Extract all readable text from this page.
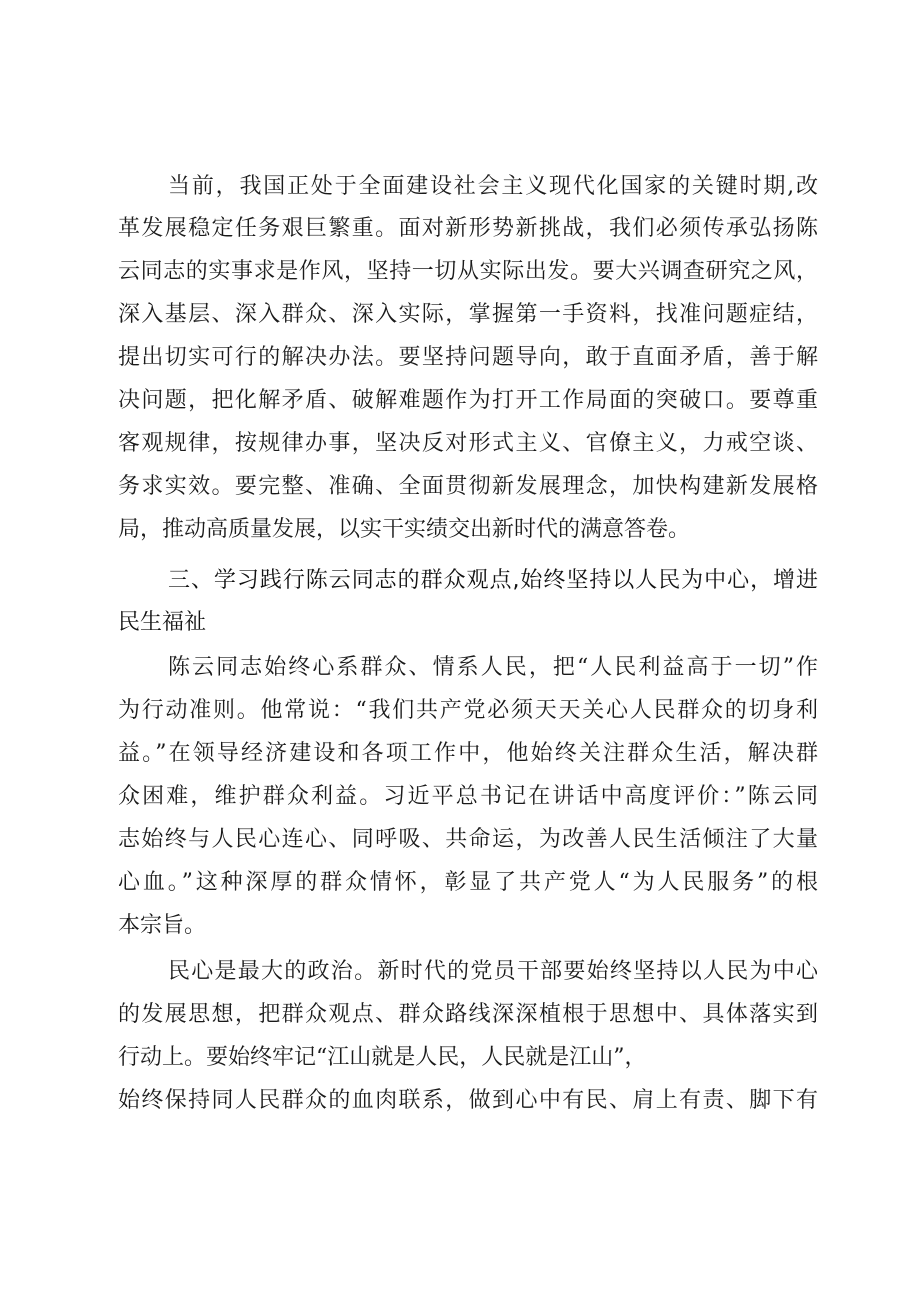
当前，我国正处于全面建设社会主义现代化国家的关键时期,改
革发展稳定任务艰巨繁重。面对新形势新挑战，我们必须传承弘扬陈
云同志的实事求是作风，坚持一切从实际出发。要大兴调查研究之风，
深入基层、深入群众、深入实际，掌握第一手资料，找准问题症结，
提出切实可行的解决办法。要坚持问题导向，敢于直面矛盾，善于解
决问题，把化解矛盾、破解难题作为打开工作局面的突破口。要尊重
客观规律，按规律办事，坚决反对形式主义、官僚主义，力戒空谈、
务求实效。要完整、准确、全面贯彻新发展理念，加快构建新发展格
局，推动高质量发展，以实干实绩交出新时代的满意答卷。
三、学习践行陈云同志的群众观点,始终坚持以人民为中心，增进
民生福祉
陈云同志始终心系群众、情系人民，把“人民利益高于一切”作
为行动准则。他常说：“我们共产党必须天天关心人民群众的切身利
益。”在领导经济建设和各项工作中，他始终关注群众生活，解决群
众困难，维护群众利益。习近平总书记在讲话中高度评价：”陈云同
志始终与人民心连心、同呼吸、共命运，为改善人民生活倾注了大量
心血。”这种深厚的群众情怀，彰显了共产党人“为人民服务”的根
本宗旨。
民心是最大的政治。新时代的党员干部要始终坚持以人民为中心
的发展思想，把群众观点、群众路线深深植根于思想中、具体落实到
行动上。要始终牢记“江山就是人民，人民就是江山”，
始终保持同人民群众的血肉联系，做到心中有民、肩上有责、脚下有
